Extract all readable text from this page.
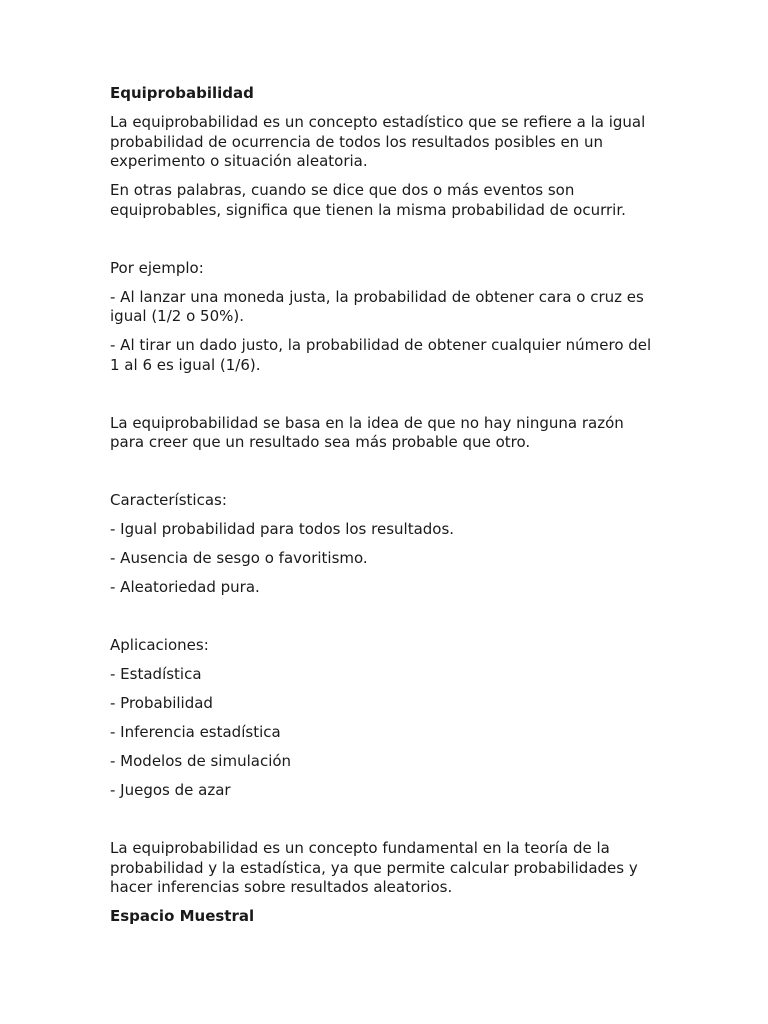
Equiprobabilidad
La equiprobabilidad es un concepto estadístico que se refiere a la igual probabilidad de ocurrencia de todos los resultados posibles en un experimento o situación aleatoria.
En otras palabras, cuando se dice que dos o más eventos son equiprobables, significa que tienen la misma probabilidad de ocurrir.
Por ejemplo:
- Al lanzar una moneda justa, la probabilidad de obtener cara o cruz es igual (1/2 o 50%).
- Al tirar un dado justo, la probabilidad de obtener cualquier número del 1 al 6 es igual (1/6).
La equiprobabilidad se basa en la idea de que no hay ninguna razón para creer que un resultado sea más probable que otro.
Características:
- Igual probabilidad para todos los resultados.
- Ausencia de sesgo o favoritismo.
- Aleatoriedad pura.
Aplicaciones:
- Estadística
- Probabilidad
- Inferencia estadística
- Modelos de simulación
- Juegos de azar
La equiprobabilidad es un concepto fundamental en la teoría de la probabilidad y la estadística, ya que permite calcular probabilidades y hacer inferencias sobre resultados aleatorios.
Espacio Muestral
